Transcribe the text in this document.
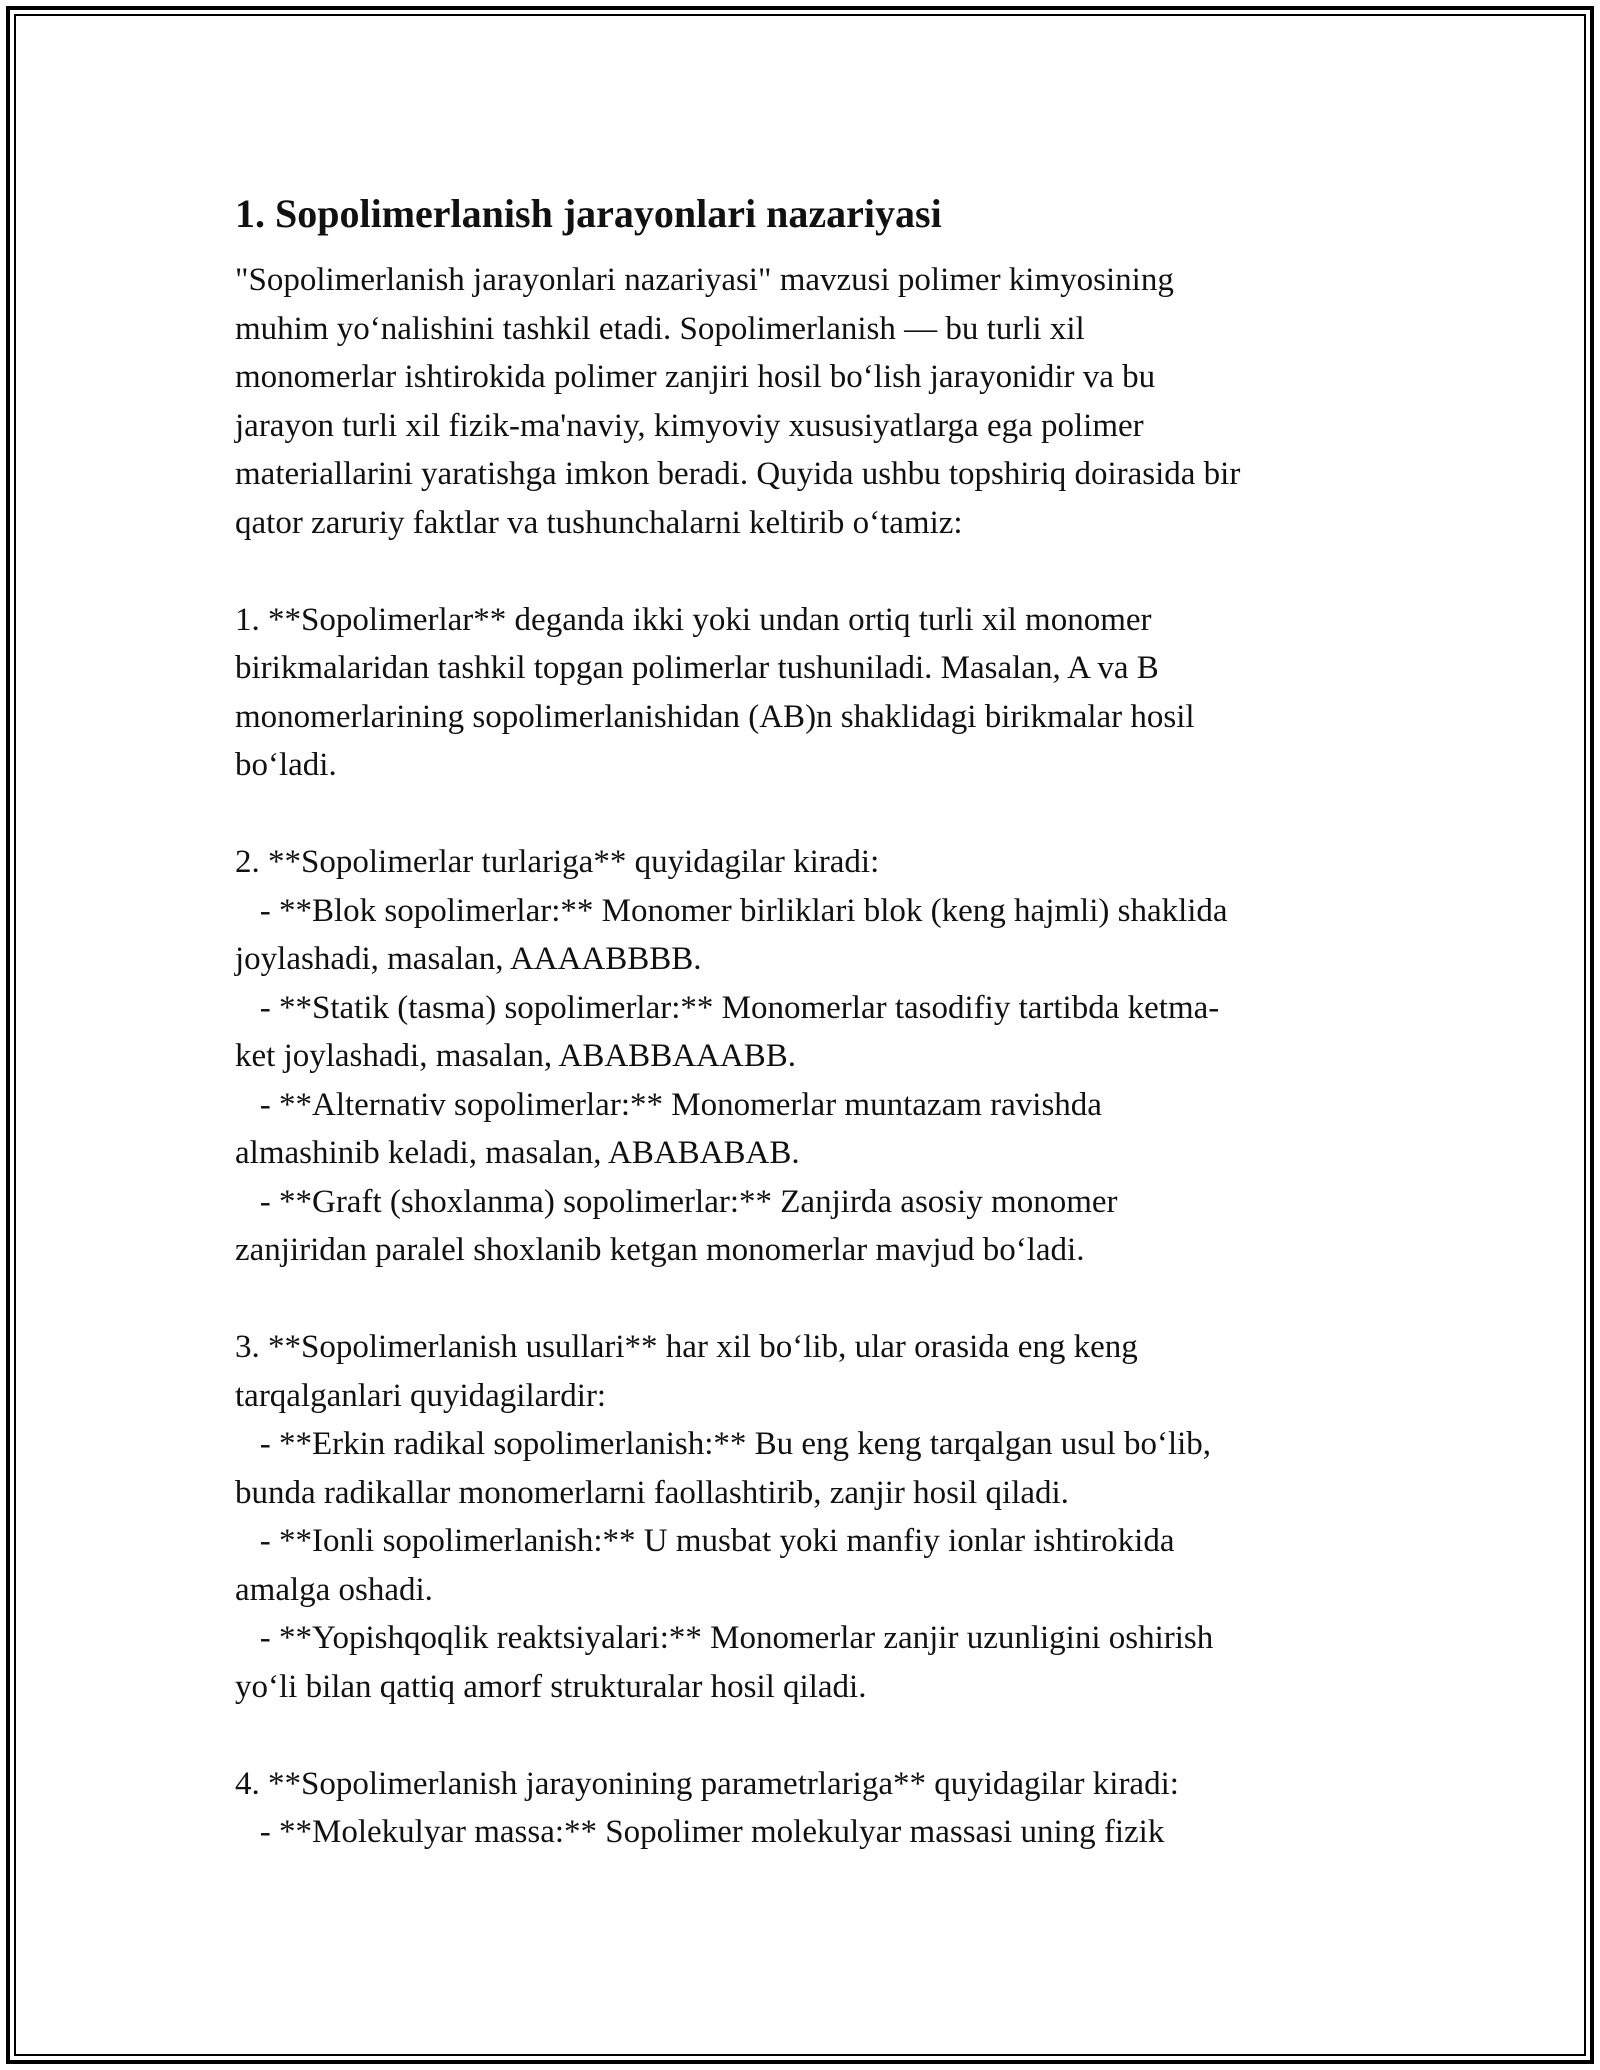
1. Sopolimerlanish jarayonlari nazariyasi

"Sopolimerlanish jarayonlari nazariyasi" mavzusi polimer kimyosining
muhim yo‘nalishini tashkil etadi. Sopolimerlanish — bu turli xil
monomerlar ishtirokida polimer zanjiri hosil bo‘lish jarayonidir va bu
jarayon turli xil fizik-ma'naviy, kimyoviy xususiyatlarga ega polimer
materiallarini yaratishga imkon beradi. Quyida ushbu topshiriq doirasida bir
qator zaruriy faktlar va tushunchalarni keltirib o‘tamiz:

1. **Sopolimerlar** deganda ikki yoki undan ortiq turli xil monomer
birikmalaridan tashkil topgan polimerlar tushuniladi. Masalan, A va B
monomerlarining sopolimerlanishidan (AB)n shaklidagi birikmalar hosil
bo‘ladi.

2. **Sopolimerlar turlariga** quyidagilar kiradi:
- **Blok sopolimerlar:** Monomer birliklari blok (keng hajmli) shaklida
joylashadi, masalan, AAAABBBB.
- **Statik (tasma) sopolimerlar:** Monomerlar tasodifiy tartibda ketma-
ket joylashadi, masalan, ABABBAAABB.
- **Alternativ sopolimerlar:** Monomerlar muntazam ravishda
almashinib keladi, masalan, ABABABAB.
- **Graft (shoxlanma) sopolimerlar:** Zanjirda asosiy monomer
zanjiridan paralel shoxlanib ketgan monomerlar mavjud bo‘ladi.

3. **Sopolimerlanish usullari** har xil bo‘lib, ular orasida eng keng
tarqalganlari quyidagilardir:
- **Erkin radikal sopolimerlanish:** Bu eng keng tarqalgan usul bo‘lib,
bunda radikallar monomerlarni faollashtirib, zanjir hosil qiladi.
- **Ionli sopolimerlanish:** U musbat yoki manfiy ionlar ishtirokida
amalga oshadi.
- **Yopishqoqlik reaktsiyalari:** Monomerlar zanjir uzunligini oshirish
yo‘li bilan qattiq amorf strukturalar hosil qiladi.

4. **Sopolimerlanish jarayonining parametrlariga** quyidagilar kiradi:
- **Molekulyar massa:** Sopolimer molekulyar massasi uning fizik
